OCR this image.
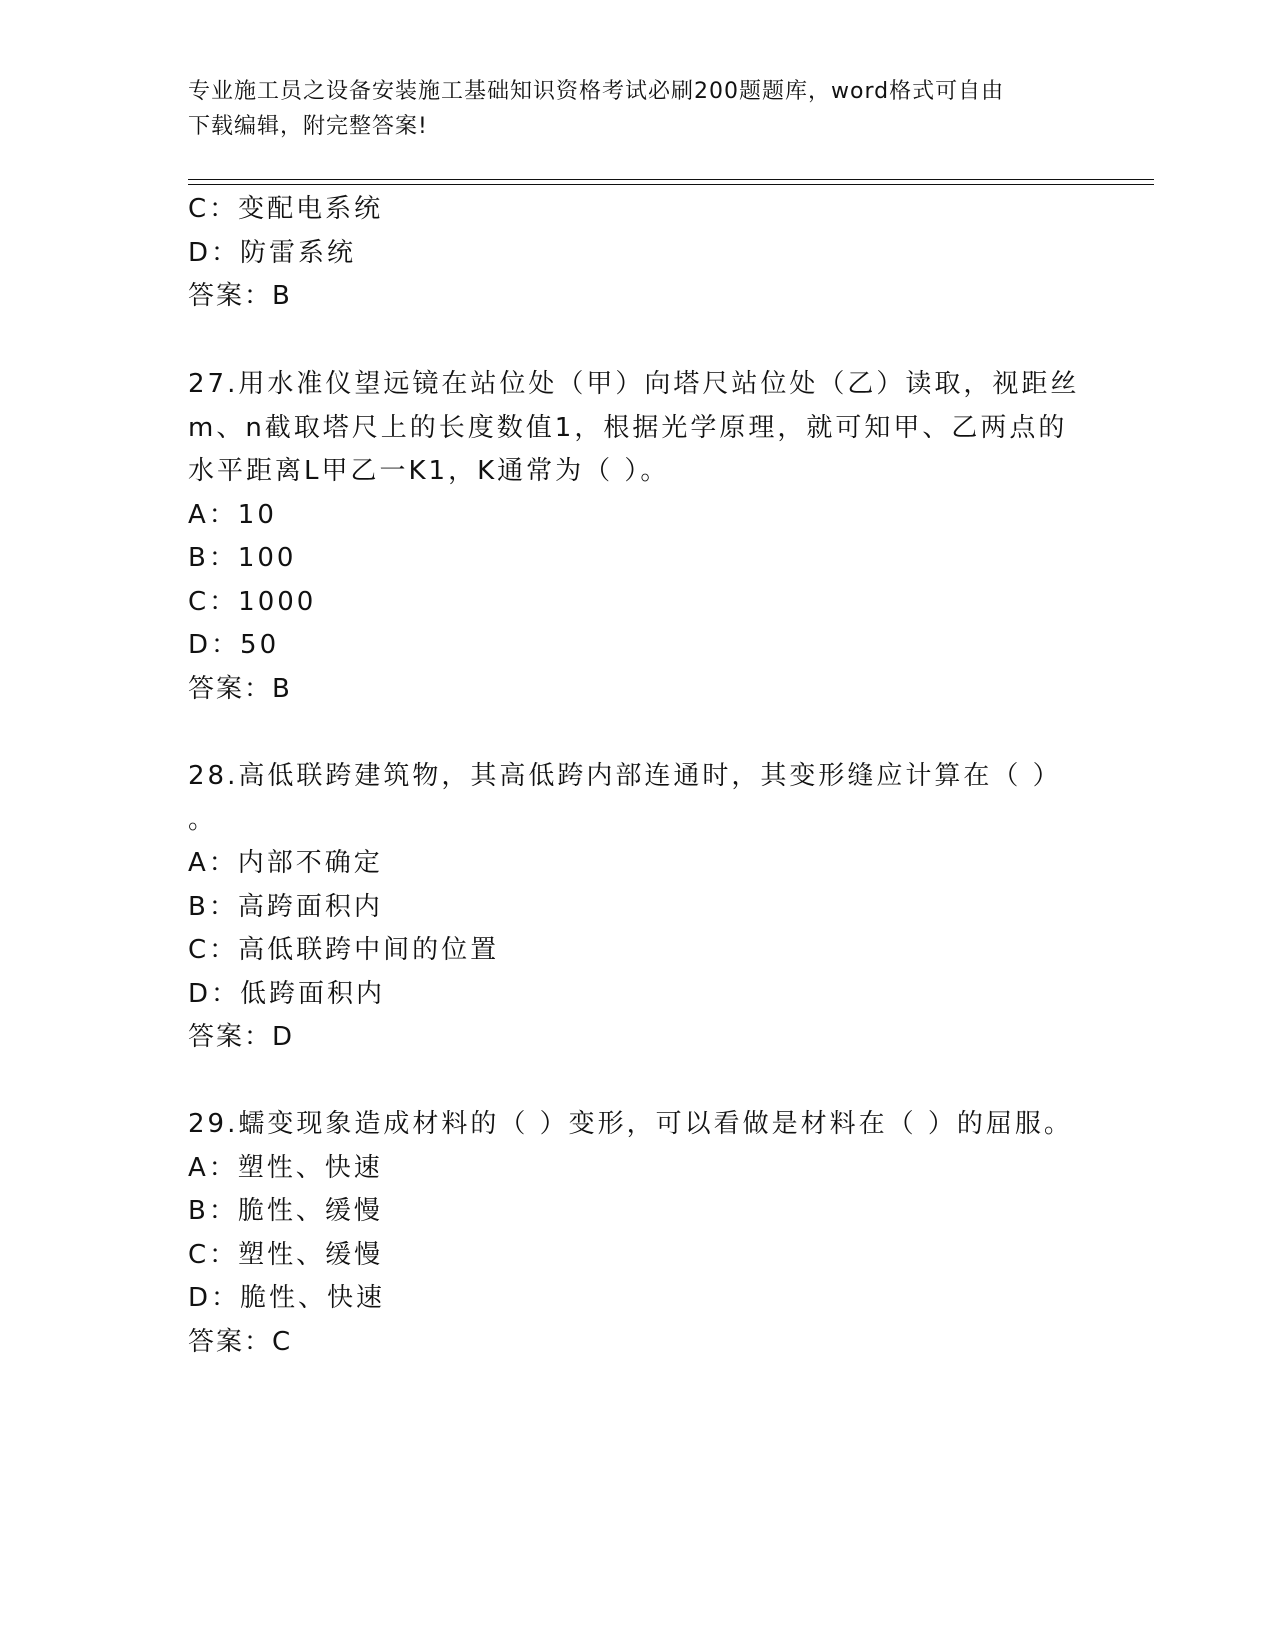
专业施工员之设备安装施工基础知识资格考试必刷200题题库，word格式可自由
下载编辑，附完整答案!
C：变配电系统
D：防雷系统
答案：B
27.用水准仪望远镜在站位处（甲）向塔尺站位处（乙）读取，视距丝
m、n截取塔尺上的长度数值1，根据光学原理，就可知甲、乙两点的
水平距离L甲乙一K1，K通常为（ ）。
A：10
B：100
C：1000
D：50
答案：B
28.高低联跨建筑物，其高低跨内部连通时，其变形缝应计算在（ ）
。
A：内部不确定
B：高跨面积内
C：高低联跨中间的位置
D：低跨面积内
答案：D
29.蠕变现象造成材料的（ ）变形，可以看做是材料在（ ）的屈服。
A：塑性、快速
B：脆性、缓慢
C：塑性、缓慢
D：脆性、快速
答案：C
